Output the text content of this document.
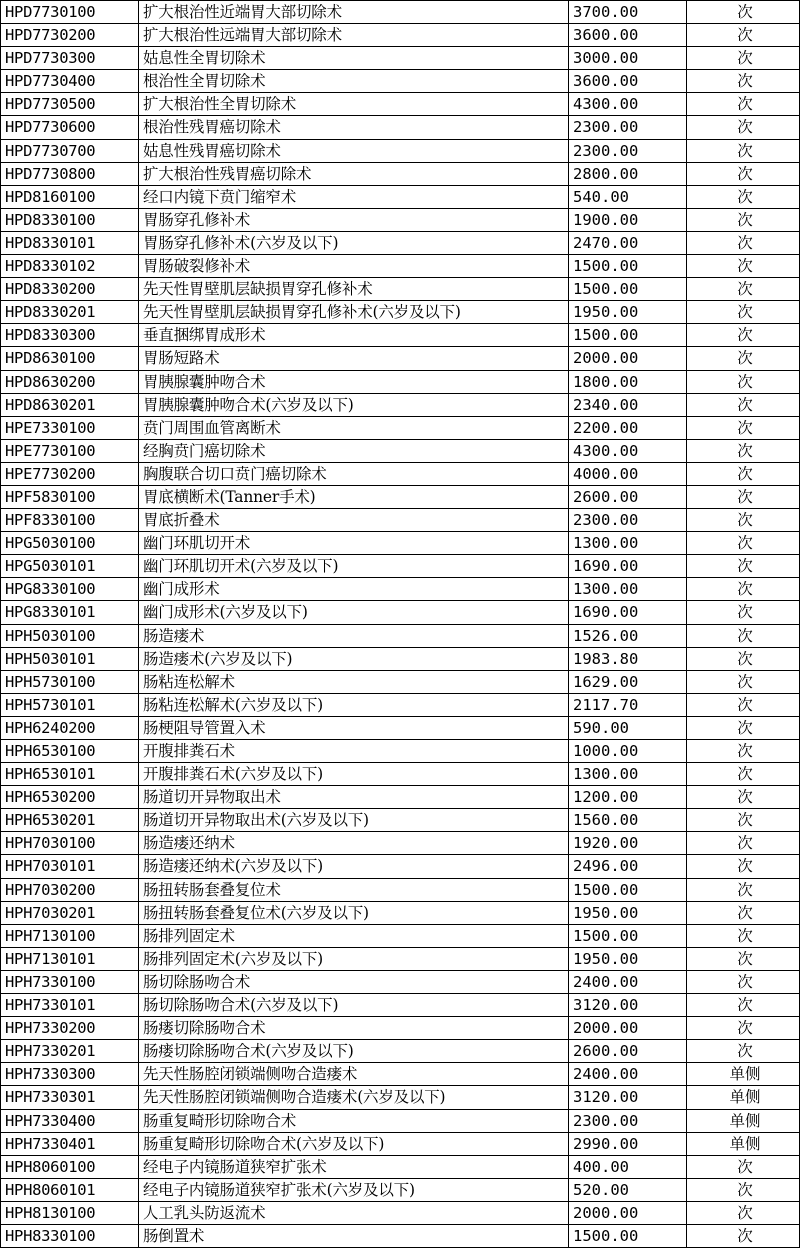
HPD7730100	扩大根治性近端胃大部切除术	3700.00	次
HPD7730200	扩大根治性远端胃大部切除术	3600.00	次
HPD7730300	姑息性全胃切除术	3000.00	次
HPD7730400	根治性全胃切除术	3600.00	次
HPD7730500	扩大根治性全胃切除术	4300.00	次
HPD7730600	根治性残胃癌切除术	2300.00	次
HPD7730700	姑息性残胃癌切除术	2300.00	次
HPD7730800	扩大根治性残胃癌切除术	2800.00	次
HPD8160100	经口内镜下贲门缩窄术	540.00	次
HPD8330100	胃肠穿孔修补术	1900.00	次
HPD8330101	胃肠穿孔修补术(六岁及以下)	2470.00	次
HPD8330102	胃肠破裂修补术	1500.00	次
HPD8330200	先天性胃壁肌层缺损胃穿孔修补术	1500.00	次
HPD8330201	先天性胃壁肌层缺损胃穿孔修补术(六岁及以下)	1950.00	次
HPD8330300	垂直捆绑胃成形术	1500.00	次
HPD8630100	胃肠短路术	2000.00	次
HPD8630200	胃胰腺囊肿吻合术	1800.00	次
HPD8630201	胃胰腺囊肿吻合术(六岁及以下)	2340.00	次
HPE7330100	贲门周围血管离断术	2200.00	次
HPE7730100	经胸贲门癌切除术	4300.00	次
HPE7730200	胸腹联合切口贲门癌切除术	4000.00	次
HPF5830100	胃底横断术(Tanner手术)	2600.00	次
HPF8330100	胃底折叠术	2300.00	次
HPG5030100	幽门环肌切开术	1300.00	次
HPG5030101	幽门环肌切开术(六岁及以下)	1690.00	次
HPG8330100	幽门成形术	1300.00	次
HPG8330101	幽门成形术(六岁及以下)	1690.00	次
HPH5030100	肠造瘘术	1526.00	次
HPH5030101	肠造瘘术(六岁及以下)	1983.80	次
HPH5730100	肠粘连松解术	1629.00	次
HPH5730101	肠粘连松解术(六岁及以下)	2117.70	次
HPH6240200	肠梗阻导管置入术	590.00	次
HPH6530100	开腹排粪石术	1000.00	次
HPH6530101	开腹排粪石术(六岁及以下)	1300.00	次
HPH6530200	肠道切开异物取出术	1200.00	次
HPH6530201	肠道切开异物取出术(六岁及以下)	1560.00	次
HPH7030100	肠造瘘还纳术	1920.00	次
HPH7030101	肠造瘘还纳术(六岁及以下)	2496.00	次
HPH7030200	肠扭转肠套叠复位术	1500.00	次
HPH7030201	肠扭转肠套叠复位术(六岁及以下)	1950.00	次
HPH7130100	肠排列固定术	1500.00	次
HPH7130101	肠排列固定术(六岁及以下)	1950.00	次
HPH7330100	肠切除肠吻合术	2400.00	次
HPH7330101	肠切除肠吻合术(六岁及以下)	3120.00	次
HPH7330200	肠瘘切除肠吻合术	2000.00	次
HPH7330201	肠瘘切除肠吻合术(六岁及以下)	2600.00	次
HPH7330300	先天性肠腔闭锁端侧吻合造瘘术	2400.00	单侧
HPH7330301	先天性肠腔闭锁端侧吻合造瘘术(六岁及以下)	3120.00	单侧
HPH7330400	肠重复畸形切除吻合术	2300.00	单侧
HPH7330401	肠重复畸形切除吻合术(六岁及以下)	2990.00	单侧
HPH8060100	经电子内镜肠道狭窄扩张术	400.00	次
HPH8060101	经电子内镜肠道狭窄扩张术(六岁及以下)	520.00	次
HPH8130100	人工乳头防返流术	2000.00	次
HPH8330100	肠倒置术	1500.00	次
